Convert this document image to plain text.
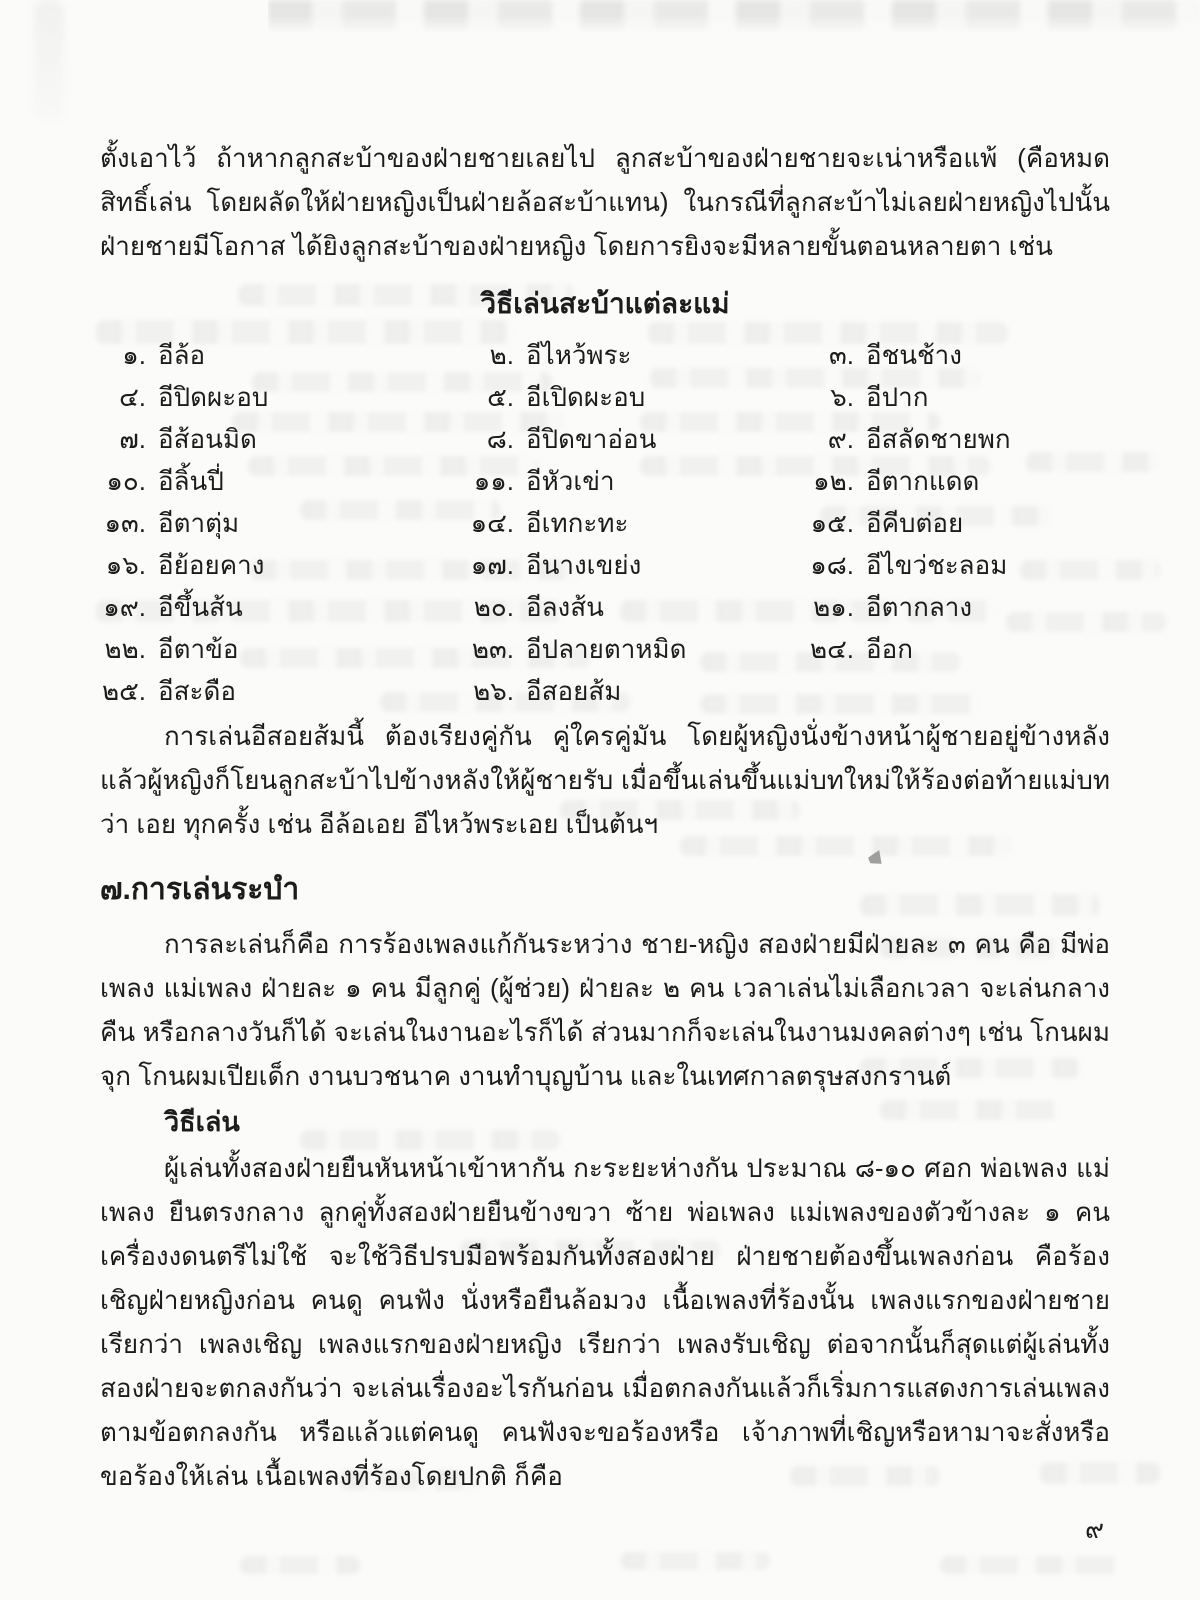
ตั้งเอาไว้ ถ้าหากลูกสะบ้าของฝ่ายชายเลยไป ลูกสะบ้าของฝ่ายชายจะเน่าหรือแพ้ (คือหมดสิทธิ์เล่น โดยผลัดให้ฝ่ายหญิงเป็นฝ่ายล้อสะบ้าแทน) ในกรณีที่ลูกสะบ้าไม่เลยฝ่ายหญิงไปนั้น ฝ่ายชายมีโอกาส ได้ยิงลูกสะบ้าของฝ่ายหญิง โดยการยิงจะมีหลายขั้นตอนหลายตา เช่น

วิธีเล่นสะบ้าแต่ละแม่
๑. อีล้อ	๒. อีไหว้พระ	๓. อีชนช้าง
๔. อีปิดผะอบ	๕. อีเปิดผะอบ	๖. อีปาก
๗. อีส้อนมิด	๘. อีปิดขาอ่อน	๙. อีสลัดชายพก
๑๐. อีลิ้นปี่	๑๑. อีหัวเข่า	๑๒. อีตากแดด
๑๓. อีตาตุ่ม	๑๔. อีเทกะทะ	๑๕. อีคีบต่อย
๑๖. อีย้อยคาง	๑๗. อีนางเขย่ง	๑๘. อีไขว่ชะลอม
๑๙. อีขึ้นส้น	๒๐. อีลงส้น	๒๑. อีตากลาง
๒๒. อีตาข้อ	๒๓. อีปลายตาหมิด	๒๔. อีอก
๒๕. อีสะดือ	๒๖. อีสอยส้ม

การเล่นอีสอยส้มนี้ ต้องเรียงคู่กัน คู่ใครคู่มัน โดยผู้หญิงนั่งข้างหน้าผู้ชายอยู่ข้างหลัง แล้วผู้หญิงก็โยนลูกสะบ้าไปข้างหลังให้ผู้ชายรับ เมื่อขึ้นเล่นขึ้นแม่บทใหม่ให้ร้องต่อท้ายแม่บทว่า เอย ทุกครั้ง เช่น อีล้อเอย อีไหว้พระเอย เป็นต้นฯ

๗.การเล่นระบำ

การละเล่นก็คือ การร้องเพลงแก้กันระหว่าง ชาย-หญิง สองฝ่ายมีฝ่ายละ ๓ คน คือ มีพ่อเพลง แม่เพลง ฝ่ายละ ๑ คน มีลูกคู่ (ผู้ช่วย) ฝ่ายละ ๒ คน เวลาเล่นไม่เลือกเวลา จะเล่นกลางคืน หรือกลางวันก็ได้ จะเล่นในงานอะไรก็ได้ ส่วนมากก็จะเล่นในงานมงคลต่างๆ เช่น โกนผมจุก โกนผมเปียเด็ก งานบวชนาค งานทำบุญบ้าน และในเทศกาลตรุษสงกรานต์

วิธีเล่น

ผู้เล่นทั้งสองฝ่ายยืนหันหน้าเข้าหากัน กะระยะห่างกัน ประมาณ ๘-๑๐ ศอก พ่อเพลง แม่เพลง ยืนตรงกลาง ลูกคู่ทั้งสองฝ่ายยืนข้างขวา ซ้าย พ่อเพลง แม่เพลงของตัวข้างละ ๑ คน เครื่องงดนตรีไม่ใช้ จะใช้วิธีปรบมือพร้อมกันทั้งสองฝ่าย ฝ่ายชายต้องขึ้นเพลงก่อน คือร้องเชิญฝ่ายหญิงก่อน คนดู คนฟัง นั่งหรือยืนล้อมวง เนื้อเพลงที่ร้องนั้น เพลงแรกของฝ่ายชาย เรียกว่า เพลงเชิญ เพลงแรกของฝ่ายหญิง เรียกว่า เพลงรับเชิญ ต่อจากนั้นก็สุดแต่ผู้เล่นทั้งสองฝ่ายจะตกลงกันว่า จะเล่นเรื่องอะไรกันก่อน เมื่อตกลงกันแล้วก็เริ่มการแสดงการเล่นเพลงตามข้อตกลงกัน หรือแล้วแต่คนดู คนฟังจะขอร้องหรือ เจ้าภาพที่เชิญหรือหามาจะสั่งหรือขอร้องให้เล่น เนื้อเพลงที่ร้องโดยปกติ ก็คือ

๙
